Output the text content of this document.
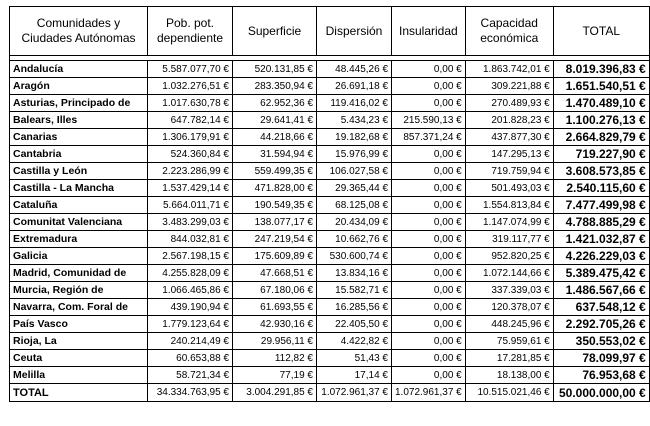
Comunidades y Ciudades Autónomas	Pob. pot. dependiente	Superficie	Dispersión	Insularidad	Capacidad económica	TOTAL

Andalucía	5.587.077,70 €	520.131,85 €	48.445,26 €	0,00 €	1.863.742,01 €	8.019.396,83 €
Aragón	1.032.276,51 €	283.350,94 €	26.691,18 €	0,00 €	309.221,88 €	1.651.540,51 €
Asturias, Principado de	1.017.630,78 €	62.952,36 €	119.416,02 €	0,00 €	270.489,93 €	1.470.489,10 €
Balears, Illes	647.782,14 €	29.641,41 €	5.434,23 €	215.590,13 €	201.828,23 €	1.100.276,13 €
Canarias	1.306.179,91 €	44.218,66 €	19.182,68 €	857.371,24 €	437.877,30 €	2.664.829,79 €
Cantabria	524.360,84 €	31.594,94 €	15.976,99 €	0,00 €	147.295,13 €	719.227,90 €
Castilla y León	2.223.286,99 €	559.499,35 €	106.027,58 €	0,00 €	719.759,94 €	3.608.573,85 €
Castilla - La Mancha	1.537.429,14 €	471.828,00 €	29.365,44 €	0,00 €	501.493,03 €	2.540.115,60 €
Cataluña	5.664.011,71 €	190.549,35 €	68.125,08 €	0,00 €	1.554.813,84 €	7.477.499,98 €
Comunitat Valenciana	3.483.299,03 €	138.077,17 €	20.434,09 €	0,00 €	1.147.074,99 €	4.788.885,29 €
Extremadura	844.032,81 €	247.219,54 €	10.662,76 €	0,00 €	319.117,77 €	1.421.032,87 €
Galicia	2.567.198,15 €	175.609,89 €	530.600,74 €	0,00 €	952.820,25 €	4.226.229,03 €
Madrid, Comunidad de	4.255.828,09 €	47.668,51 €	13.834,16 €	0,00 €	1.072.144,66 €	5.389.475,42 €
Murcia, Región de	1.066.465,86 €	67.180,06 €	15.582,71 €	0,00 €	337.339,03 €	1.486.567,66 €
Navarra, Com. Foral de	439.190,94 €	61.693,55 €	16.285,56 €	0,00 €	120.378,07 €	637.548,12 €
País Vasco	1.779.123,64 €	42.930,16 €	22.405,50 €	0,00 €	448.245,96 €	2.292.705,26 €
Rioja, La	240.214,49 €	29.956,11 €	4.422,82 €	0,00 €	75.959,61 €	350.553,02 €
Ceuta	60.653,88 €	112,82 €	51,43 €	0,00 €	17.281,85 €	78.099,97 €
Melilla	58.721,34 €	77,19 €	17,14 €	0,00 €	18.138,00 €	76.953,68 €
TOTAL	34.334.763,95 €	3.004.291,85 €	1.072.961,37 €	1.072.961,37 €	10.515.021,46 €	50.000.000,00 €
